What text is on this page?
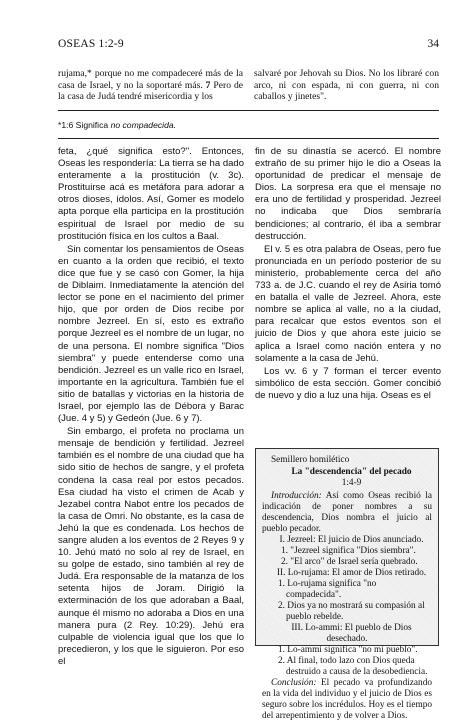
OSEAS 1:2-9	34

rujama,* porque no me compadeceré más de la casa de Israel, y no la soportaré más. 7 Pero de la casa de Judá tendré misericordia y los

salvaré por Jehovah su Dios. No los libraré con arco, ni con espada, ni con guerra, ni con caballos y jinetes".

*1:6 Significa no compadecida.

feta, ¿qué significa esto?". Entonces, Oseas les respondería: La tierra se ha dado enteramente a la prostitución (v. 3c). Prostituirse acá es metáfora para adorar a otros dioses, ídolos. Así, Gomer es modelo apta porque ella participa en la prostitución espiritual de Israel por medio de su prostitución física en los cultos a Baal.

Sin comentar los pensamientos de Oseas en cuanto a la orden que recibió, el texto dice que fue y se casó con Gomer, la hija de Diblaim. Inmediatamente la atención del lector se pone en el nacimiento del primer hijo, que por orden de Dios recibe por nombre Jezreel. En sí, esto es extraño porque Jezreel es el nombre de un lugar, no de una persona. El nombre significa "Dios siembra" y puede entenderse como una bendición. Jezreel es un valle rico en Israel, importante en la agricultura. También fue el sitio de batallas y victorias en la historia de Israel, por ejemplo las de Débora y Barac (Jue. 4 y 5) y Gedeón (Jue. 6 y 7).

Sin embargo, el profeta no proclama un mensaje de bendición y fertilidad. Jezreel también es el nombre de una ciudad que ha sido sitio de hechos de sangre, y el profeta condena la casa real por estos pecados. Esa ciudad ha visto el crimen de Acab y Jezabel contra Nabot entre los pecados de la casa de Omri. No obstante, es la casa de Jehú la que es condenada. Los hechos de sangre aluden a los eventos de 2 Reyes 9 y 10. Jehú mató no solo al rey de Israel, en su golpe de estado, sino también al rey de Judá. Era responsable de la matanza de los setenta hijos de Joram. Dirigió la exterminación de los que adoraban a Baal, aunque él mismo no adoraba a Dios en una manera pura (2 Rey. 10:29). Jehú era culpable de violencia igual que los que lo precedieron, y los que le siguieron. Por eso el

fin de su dinastía se acercó. El nombre extraño de su primer hijo le dio a Oseas la oportunidad de predicar el mensaje de Dios. La sorpresa era que el mensaje no era uno de fertilidad y prosperidad. Jezreel no indicaba que Dios sembraría bendiciones; al contrario, él iba a sembrar destrucción.

El v. 5 es otra palabra de Oseas, pero fue pronunciada en un período posterior de su ministerio, probablemente cerca del año 733 a. de J.C. cuando el rey de Asiria tomó en batalla el valle de Jezreel. Ahora, este nombre se aplica al valle, no a la ciudad, para recalcar que estos eventos son el juicio de Dios y que ahora este juicio se aplica a Israel como nación entera y no solamente a la casa de Jehú.

Los vv. 6 y 7 forman el tercer evento simbólico de esta sección. Gomer concibió de nuevo y dio a luz una hija. Oseas es el

Semillero homilético

La "descendencia" del pecado

1:4-9

Introducción: Así como Oseas recibió la indicación de poner nombres a su descendencia, Dios nombra el juicio al pueblo pecador.

I. Jezreel: El juicio de Dios anunciado.

1. "Jezreel significa "Dios siembra".

2. "El arco" de Israel sería quebrado.

II. Lo-rujama: El amor de Dios retirado.

1. Lo-rujama significa "no compadecida".

2. Dios ya no mostrará su compasión al pueblo rebelde.

III. Lo-ammi: El pueblo de Dios desechado.

1. Lo-ammi significa "no mi pueblo".

2. Al final, todo lazo con Dios queda destruido a causa de la desobediencia.

Conclusión: El pecado va profundizando en la vida del individuo y el juicio de Dios es seguro sobre los incrédulos. Hoy es el tiempo del arrepentimiento y de volver a Dios.
